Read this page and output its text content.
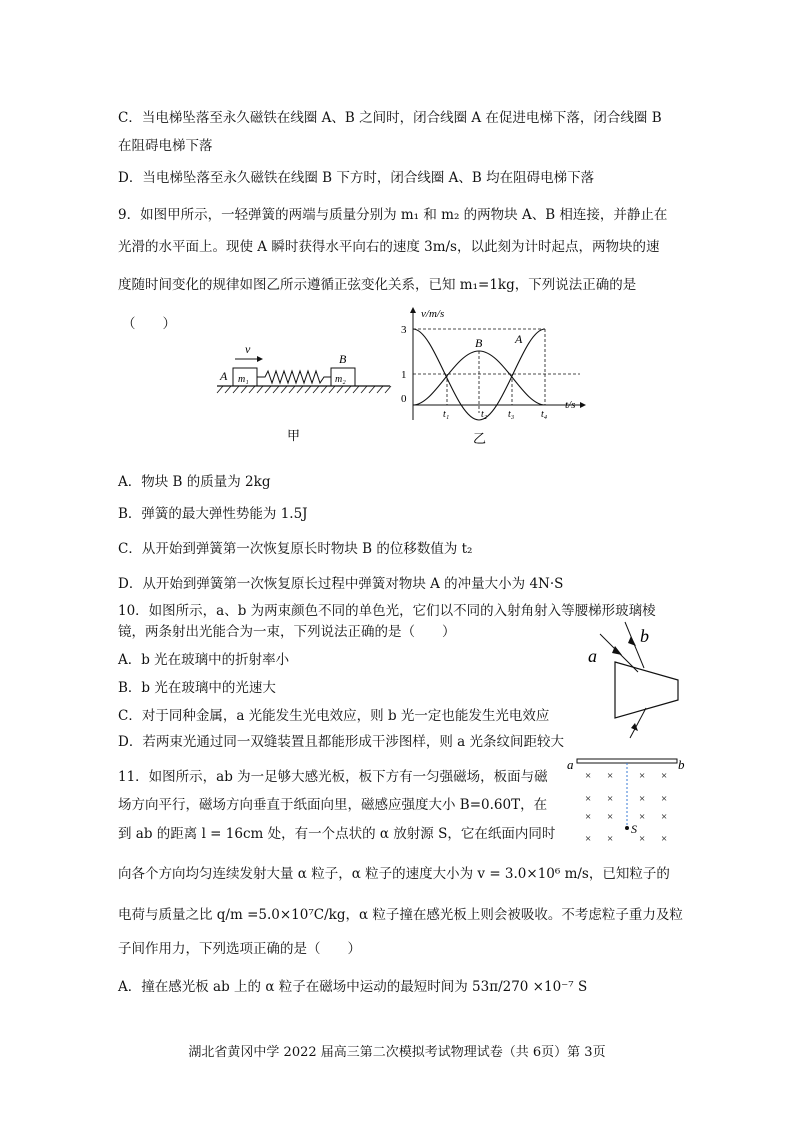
C．当电梯坠落至永久磁铁在线圈 A、B 之间时，闭合线圈 A 在促进电梯下落，闭合线圈 B
在阻碍电梯下落
D．当电梯坠落至永久磁铁在线圈 B 下方时，闭合线圈 A、B 均在阻碍电梯下落
9．如图甲所示，一轻弹簧的两端与质量分别为 m₁ 和 m₂ 的两物块 A、B 相连接，并静止在
光滑的水平面上。现使 A 瞬时获得水平向右的速度 3m/s，以此刻为计时起点，两物块的速
度随时间变化的规律如图乙所示遵循正弦变化关系，已知 m₁=1kg，下列说法正确的是
（　　）
v
A m₁
B
m₂
甲
v/m/s
t/s
3
1
0
A
B
t₁	t₂ t₃	t₄
乙
A．物块 B 的质量为 2kg
B．弹簧的最大弹性势能为 1.5J
C．从开始到弹簧第一次恢复原长时物块 B 的位移数值为 t₂
D．从开始到弹簧第一次恢复原长过程中弹簧对物块 A 的冲量大小为 4N·S
10．如图所示，a、b 为两束颜色不同的单色光，它们以不同的入射角射入等腰梯形玻璃棱
镜，两条射出光能合为一束，下列说法正确的是（　　）
A．b 光在玻璃中的折射率小
B．b 光在玻璃中的光速大
C．对于同种金属，a 光能发生光电效应，则 b 光一定也能发生光电效应
D．若两束光通过同一双缝装置且都能形成干涉图样，则 a 光条纹间距较大
a
b
11．如图所示，ab 为一足够大感光板，板下方有一匀强磁场，板面与磁
场方向平行，磁场方向垂直于纸面向里，磁感应强度大小 B=0.60T，在
到 ab 的距离 l = 16cm 处，有一个点状的 α 放射源 S，它在纸面内同时
向各个方向均匀连续发射大量 α 粒子，α 粒子的速度大小为 v = 3.0×10⁶ m/s，已知粒子的
电荷与质量之比 q/m =5.0×10⁷C/kg，α 粒子撞在感光板上则会被吸收。不考虑粒子重力及粒
子间作用力，下列选项正确的是（　　）
A．撞在感光板 ab 上的 α 粒子在磁场中运动的最短时间为 53π/270 ×10⁻⁷ S
a	b
× × × ×
× × × ×
× × × ×
× × × ×
S
湖北省黄冈中学 2022 届高三第二次模拟考试物理试卷（共 6页）第 3页
